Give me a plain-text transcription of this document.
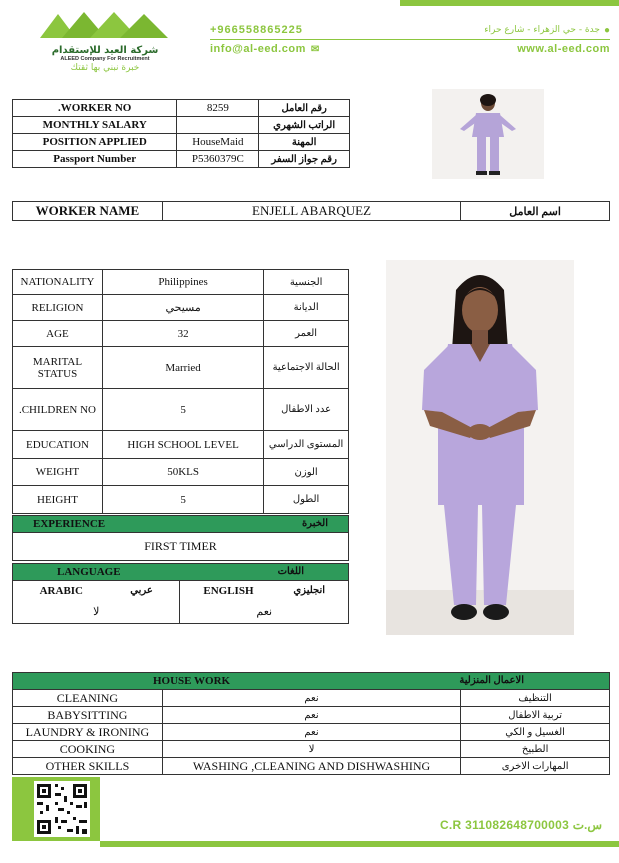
شركة العيد للإستقدام
ALEED Company For Recruitment
خبرة نبني بها ثقتك
+966558865225	جدة - حي الزهراء - شارع حراء ●
info@al-eed.com ✉	www.al-eed.com
.WORKER NO	8259	رقم العامل
MONTHLY SALARY		الراتب الشهري
POSITION APPLIED	HouseMaid	المهنة
Passport Number	P5360379C	رقم جواز السفر
WORKER NAME	ENJELL ABARQUEZ	اسم العامل
NATIONALITY	Philippines	الجنسية
RELIGION	مسيحي	الديانة
AGE	32	العمر
MARITAL STATUS	Married	الحالة الاجتماعية
.CHILDREN NO	5	عدد الاطفال
EDUCATION	HIGH SCHOOL LEVEL	المستوى الدراسي
WEIGHT	50KLS	الوزن
HEIGHT	5	الطول
EXPERIENCE	الخبرة

FIRST TIMER
LANGUAGE اللغات	

ARABIC عربي	ENGLISH انجليزي

لا	نعم
HOUSE WORK الاعمال المنزلية		

CLEANING	نعم	التنظيف
BABYSITTING	نعم	تربية الاطفال
LAUNDRY & IRONING	نعم	الغسيل و الكي
COOKING	لا	الطبيخ
OTHER SKILLS	WASHING ,CLEANING AND DISHWASHING	المهارات الاخرى
C.R 311082648700003 س.ت
